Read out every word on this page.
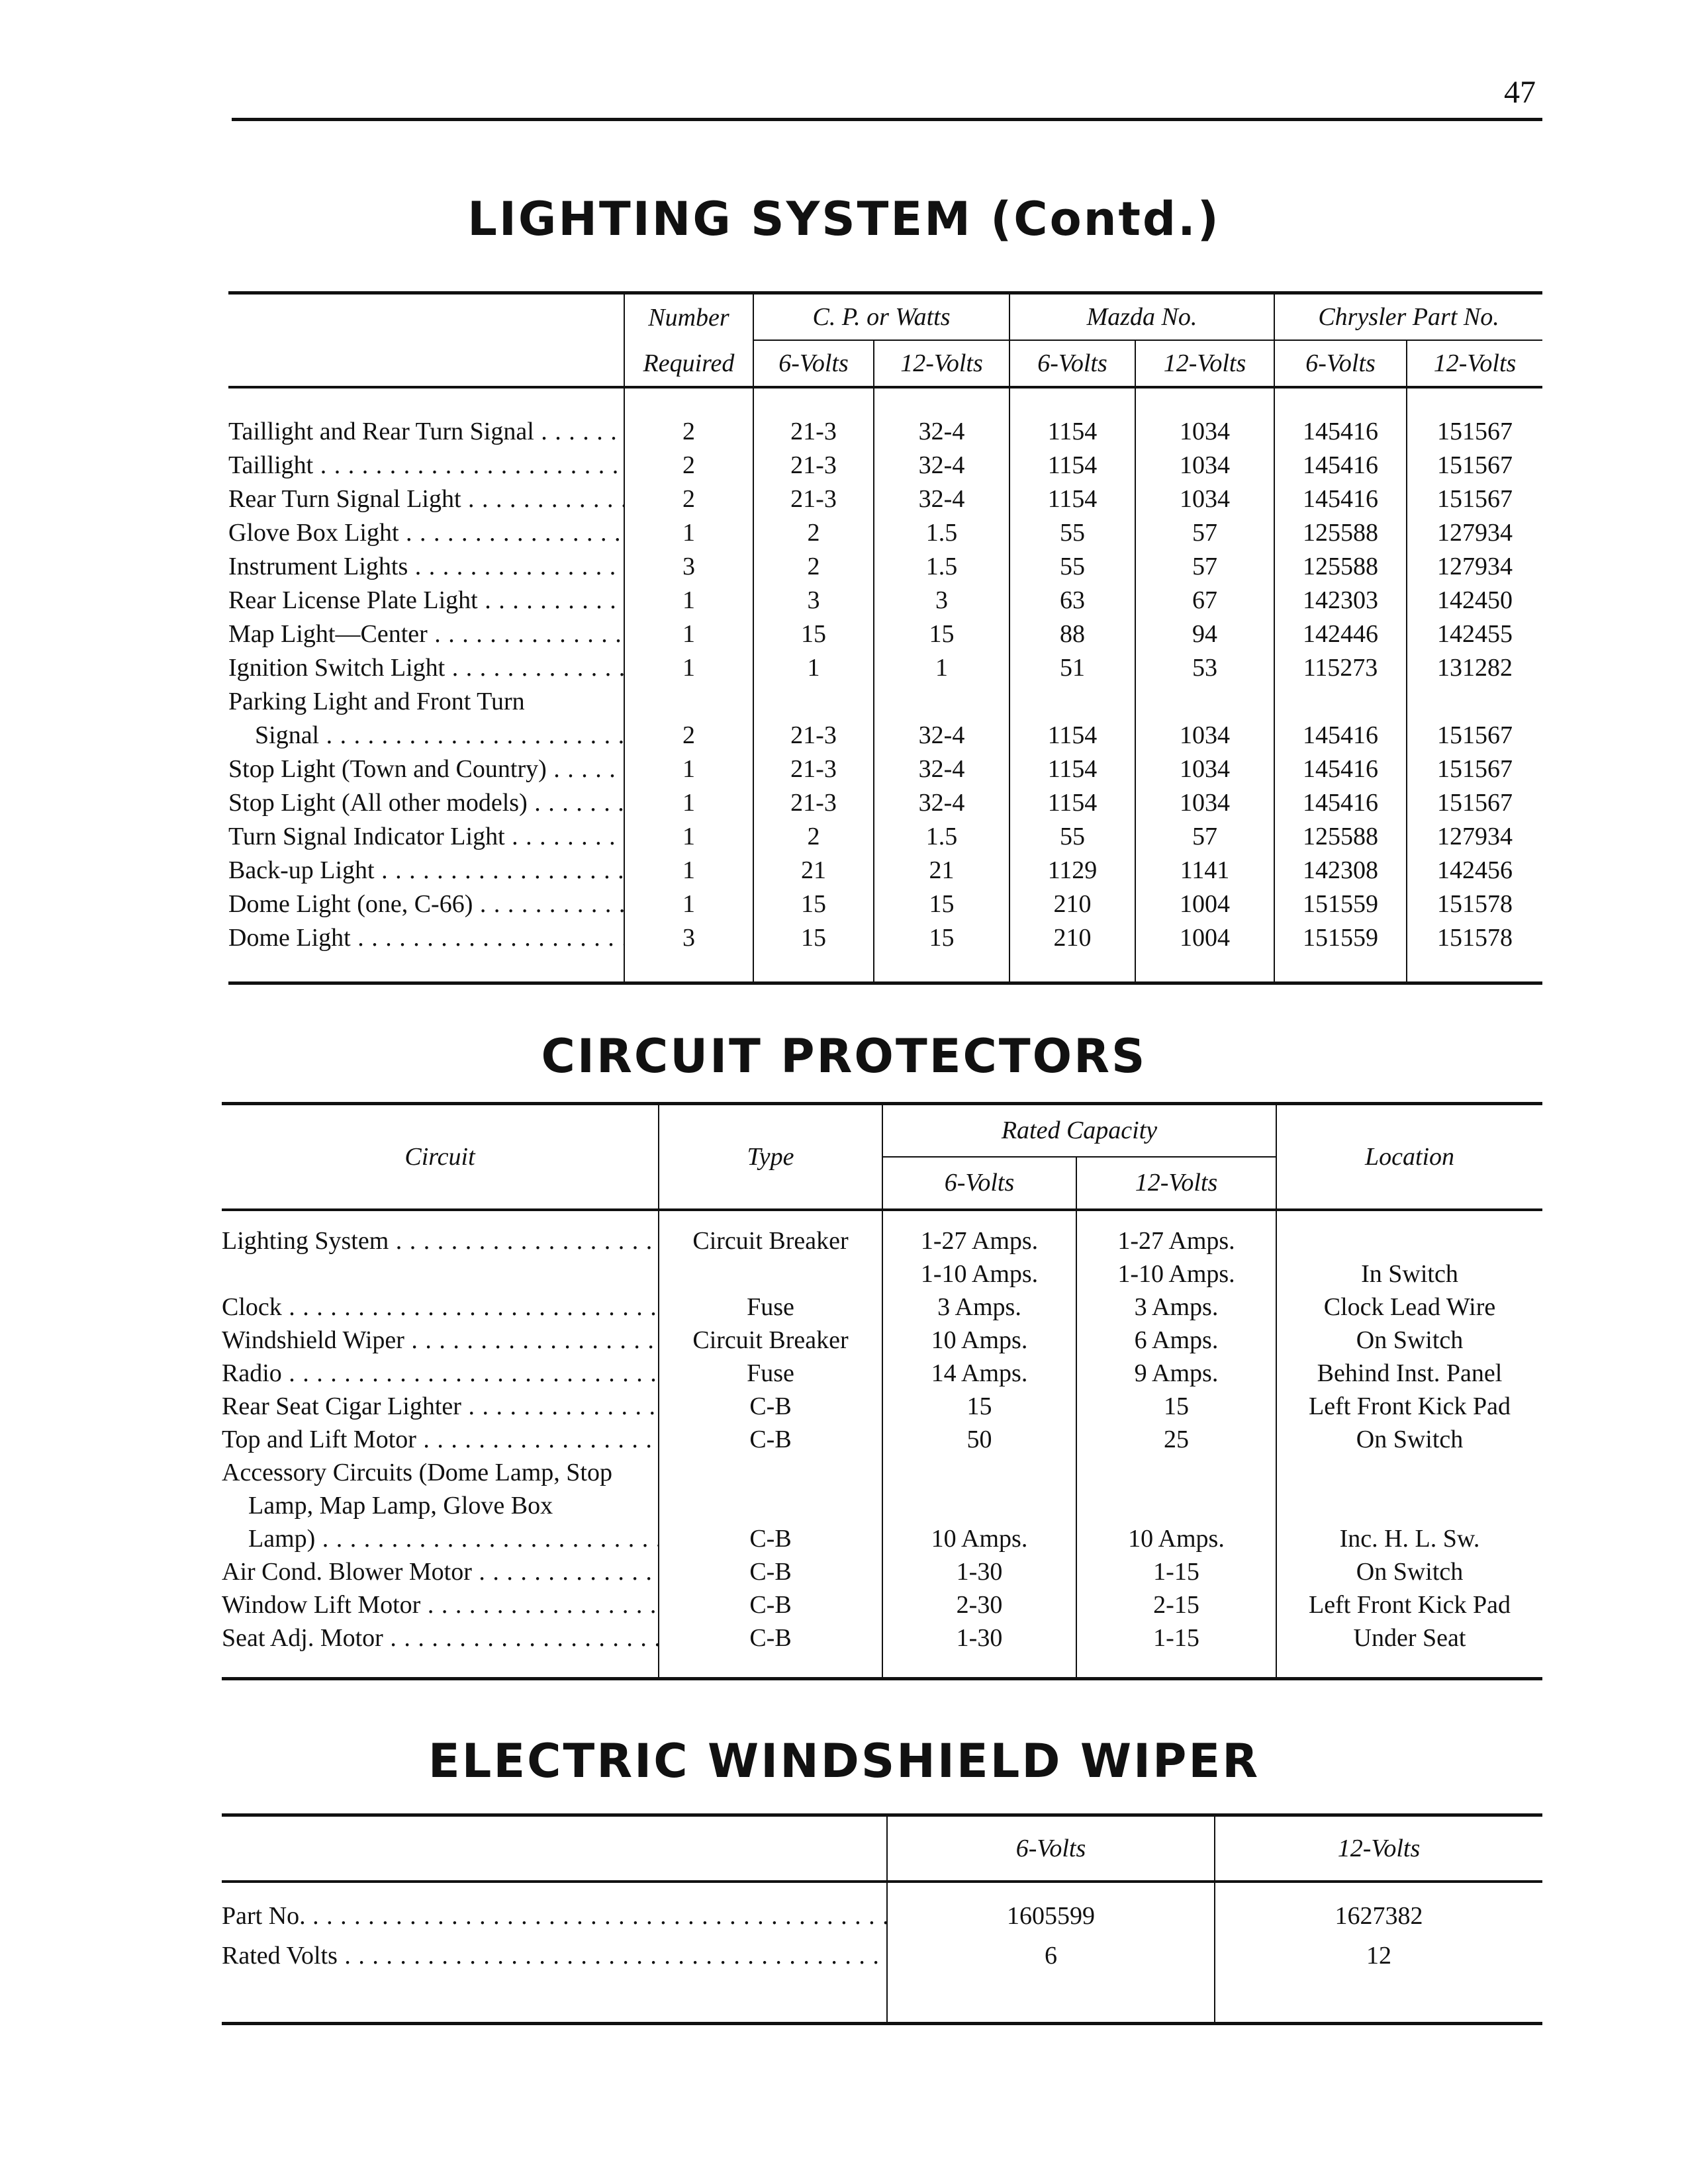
47
LIGHTING SYSTEM (Contd.)
	Number	C. P. or Watts		Mazda No.		Chrysler Part No.	
	Required	6-Volts	12-Volts	6-Volts	12-Volts	6-Volts	12-Volts

Taillight and Rear Turn Signal . . .	2	21-3	32-4	1154	1034	145416	151567
Taillight . . .	2	21-3	32-4	1154	1034	145416	151567
Rear Turn Signal Light . . .	2	21-3	32-4	1154	1034	145416	151567
Glove Box Light . . .	1	2	1.5	55	57	125588	127934
Instrument Lights . . .	3	2	1.5	55	57	125588	127934
Rear License Plate Light . . .	1	3	3	63	67	142303	142450
Map Light—Center . . .	1	15	15	88	94	142446	142455
Ignition Switch Light . . .	1	1	1	51	53	115273	131282
Parking Light and Front Turn							
Signal . . .	2	21-3	32-4	1154	1034	145416	151567
Stop Light (Town and Country) . . .	1	21-3	32-4	1154	1034	145416	151567
Stop Light (All other models) . . .	1	21-3	32-4	1154	1034	145416	151567
Turn Signal Indicator Light . . .	1	2	1.5	55	57	125588	127934
Back-up Light . . .	1	21	21	1129	1141	142308	142456
Dome Light (one, C-66) . . .	1	15	15	210	1004	151559	151578
Dome Light . . .	3	15	15	210	1004	151559	151578

CIRCUIT PROTECTORS
Circuit	Type	Rated Capacity		Location
		6-Volts	12-Volts	

Lighting System . . .	Circuit Breaker	1-27 Amps.	1-27 Amps.	
		1-10 Amps.	1-10 Amps.	In Switch
Clock . . .	Fuse	3 Amps.	3 Amps.	Clock Lead Wire
Windshield Wiper . . .	Circuit Breaker	10 Amps.	6 Amps.	On Switch
Radio . . .	Fuse	14 Amps.	9 Amps.	Behind Inst. Panel
Rear Seat Cigar Lighter . . .	C-B	15	15	Left Front Kick Pad
Top and Lift Motor . . .	C-B	50	25	On Switch
Accessory Circuits (Dome Lamp, Stop				
Lamp, Map Lamp, Glove Box				
Lamp) . . .	C-B	10 Amps.	10 Amps.	Inc. H. L. Sw.
Air Cond. Blower Motor . . .	C-B	1-30	1-15	On Switch
Window Lift Motor . . .	C-B	2-30	2-15	Left Front Kick Pad
Seat Adj. Motor . . .	C-B	1-30	1-15	Under Seat

ELECTRIC WINDSHIELD WIPER
	6-Volts	12-Volts

Part No. . . .	1605599	1627382
Rated Volts . . .	6	12
